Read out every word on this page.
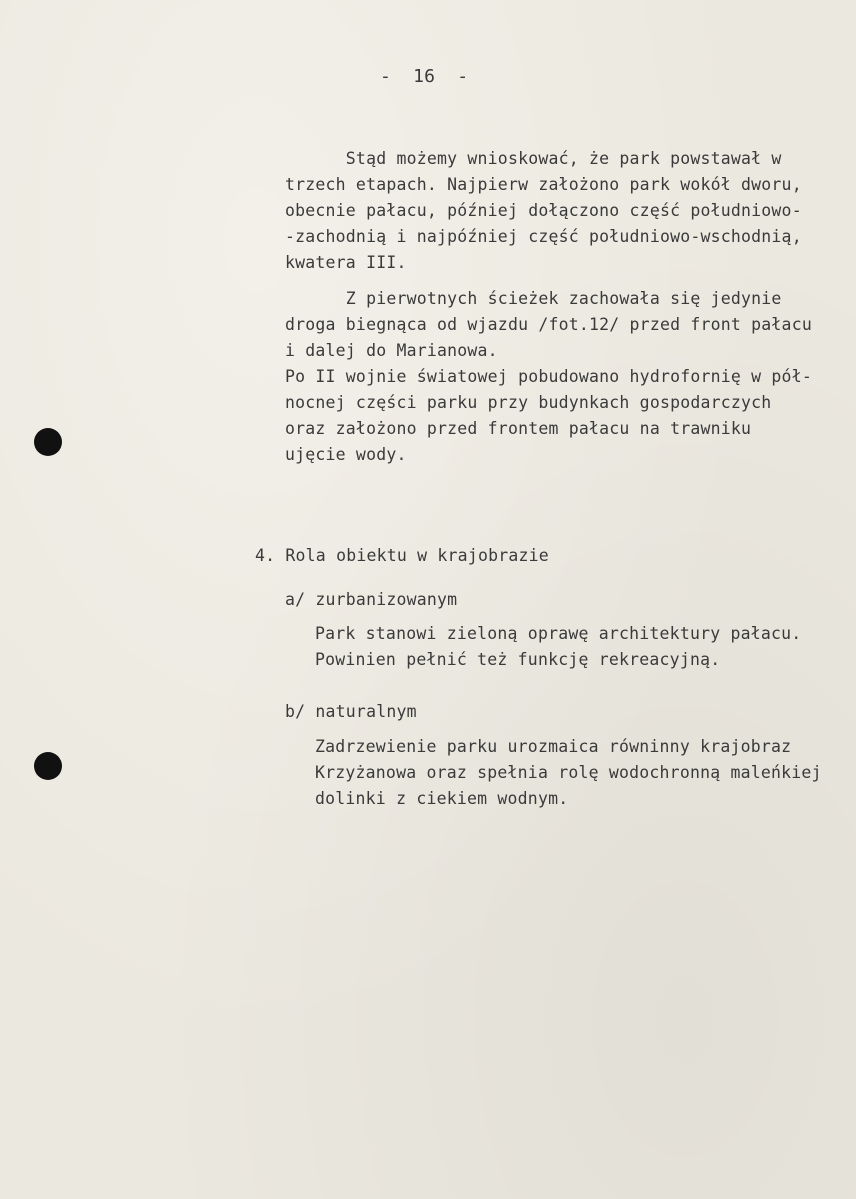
-  16  -
Stąd możemy wnioskować, że park powstawał w
trzech etapach. Najpierw założono park wokół dworu,
obecnie pałacu, później dołączono część południowo-
-zachodnią i najpóźniej część południowo-wschodnią,
kwatera III.
Z pierwotnych ścieżek zachowała się jedynie
droga biegnąca od wjazdu /fot.12/ przed front pałacu
i dalej do Marianowa.
Po II wojnie światowej pobudowano hydrofornię w pół-
nocnej części parku przy budynkach gospodarczych
oraz założono przed frontem pałacu na trawniku
ujęcie wody.
4. Rola obiektu w krajobrazie
a/ zurbanizowanym
Park stanowi zieloną oprawę architektury pałacu.
Powinien pełnić też funkcję rekreacyjną.
b/ naturalnym
Zadrzewienie parku urozmaica równinny krajobraz
Krzyżanowa oraz spełnia rolę wodochronną maleńkiej
dolinki z ciekiem wodnym.
